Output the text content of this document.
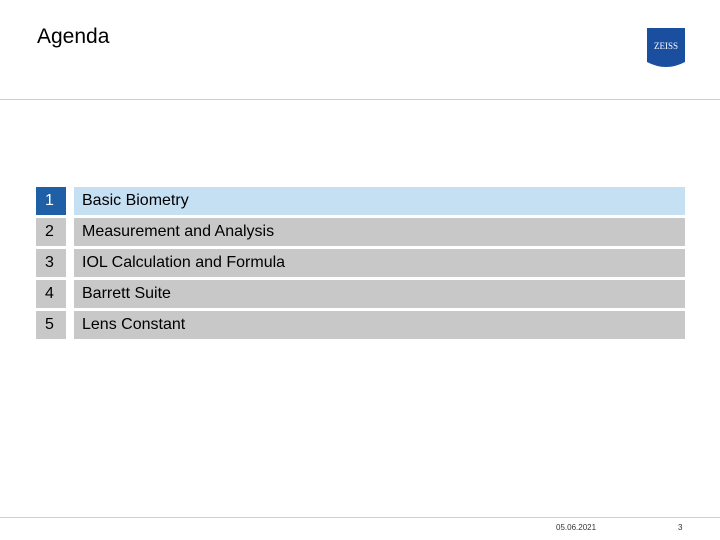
Agenda	ZEISS
1	Basic Biometry
2	Measurement and Analysis
3	IOL Calculation and Formula
4	Barrett Suite
5	Lens Constant
05.06.2021	3
